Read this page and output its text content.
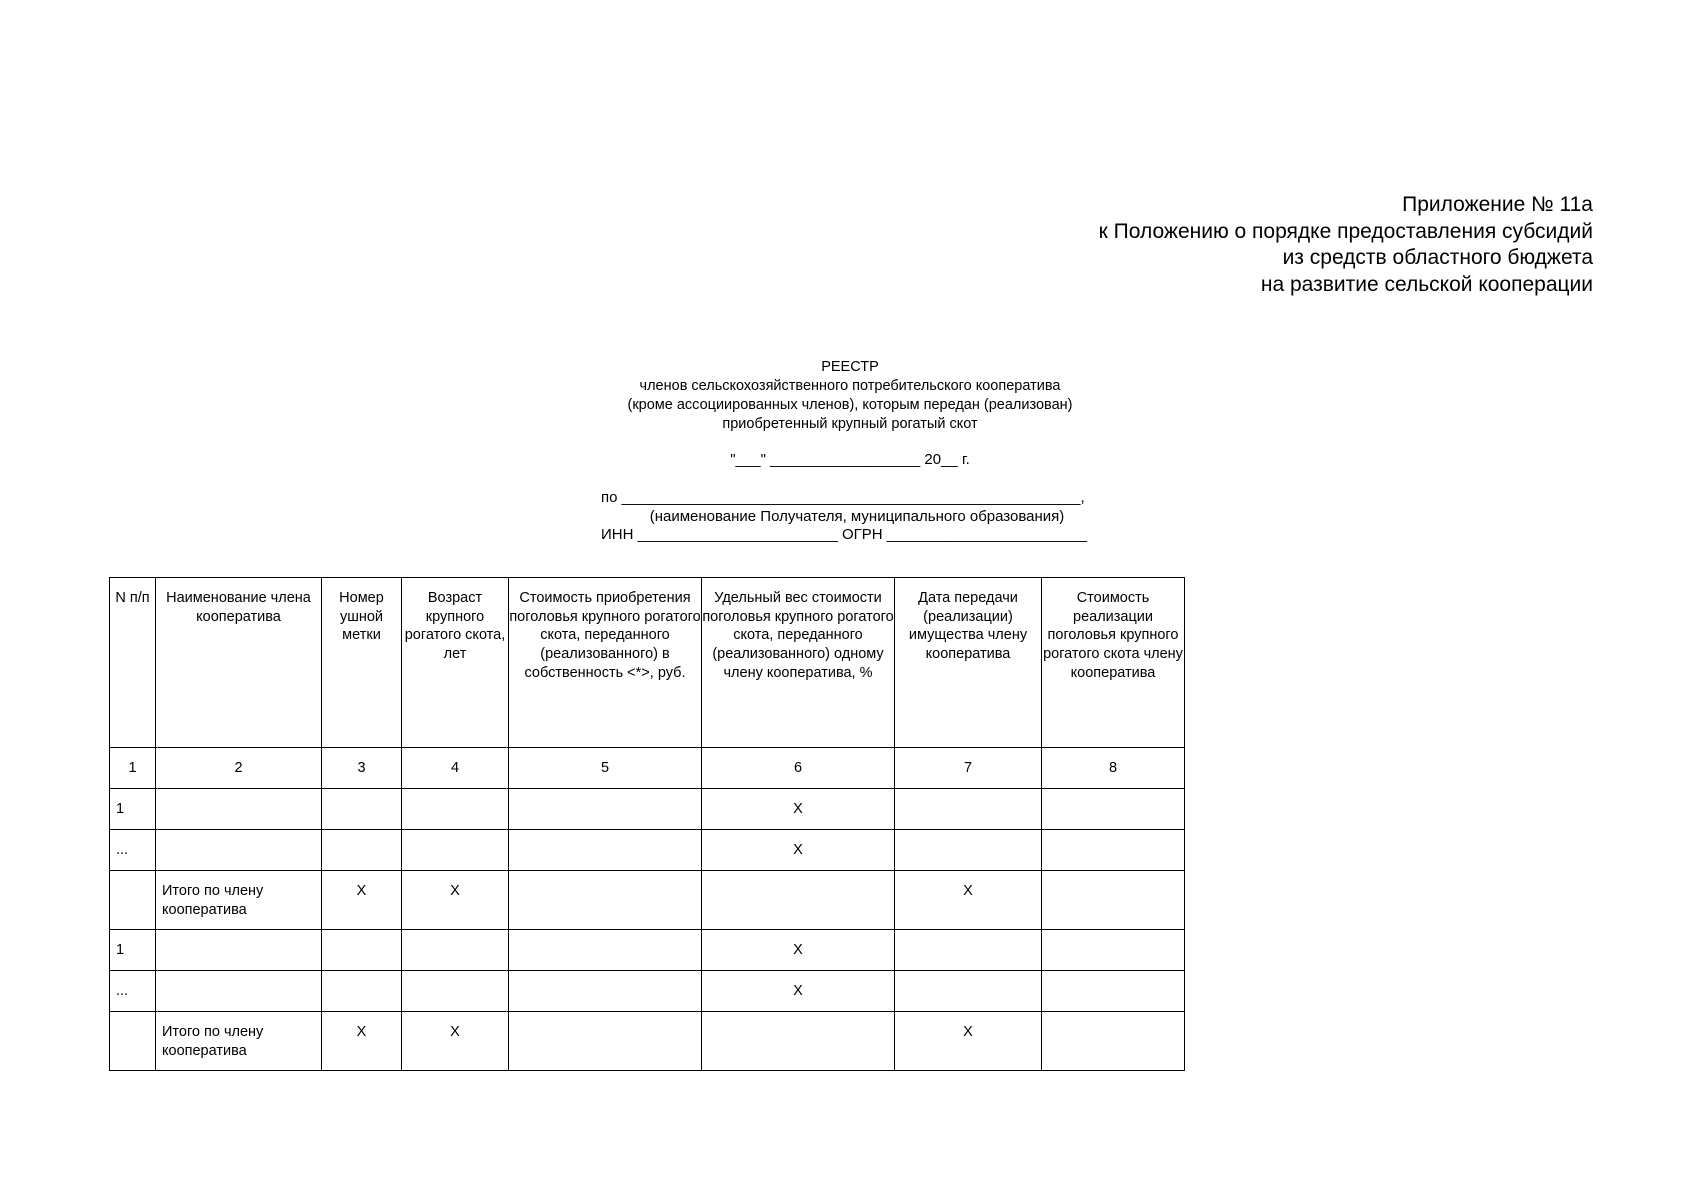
Приложение № 11а
к Положению о порядке предоставления субсидий
из средств областного бюджета
на развитие сельской кооперации
РЕЕСТР
членов сельскохозяйственного потребительского кооператива
(кроме ассоциированных членов), которым передан (реализован)
приобретенный крупный рогатый скот
"___" __________________ 20__ г.
по _______________________________________________________,
(наименование Получателя, муниципального образования)
ИНН ________________________ ОГРН ________________________
N п/п	Наименование члена кооператива	Номер ушной метки	Возраст крупного рогатого скота, лет	Стоимость приобретения поголовья крупного рогатого скота, переданного (реализованного) в собственность <*>, руб.	Удельный вес стоимости поголовья крупного рогатого скота, переданного (реализованного) одному члену кооператива, %	Дата передачи (реализации) имущества члену кооператива	Стоимость реализации поголовья крупного рогатого скота члену кооператива
1	2	3	4	5	6	7	8
1					X		
...					X		
	Итого по члену кооператива	X	X			X	
1					X		
...					X		
	Итого по члену кооператива	X	X			X	
